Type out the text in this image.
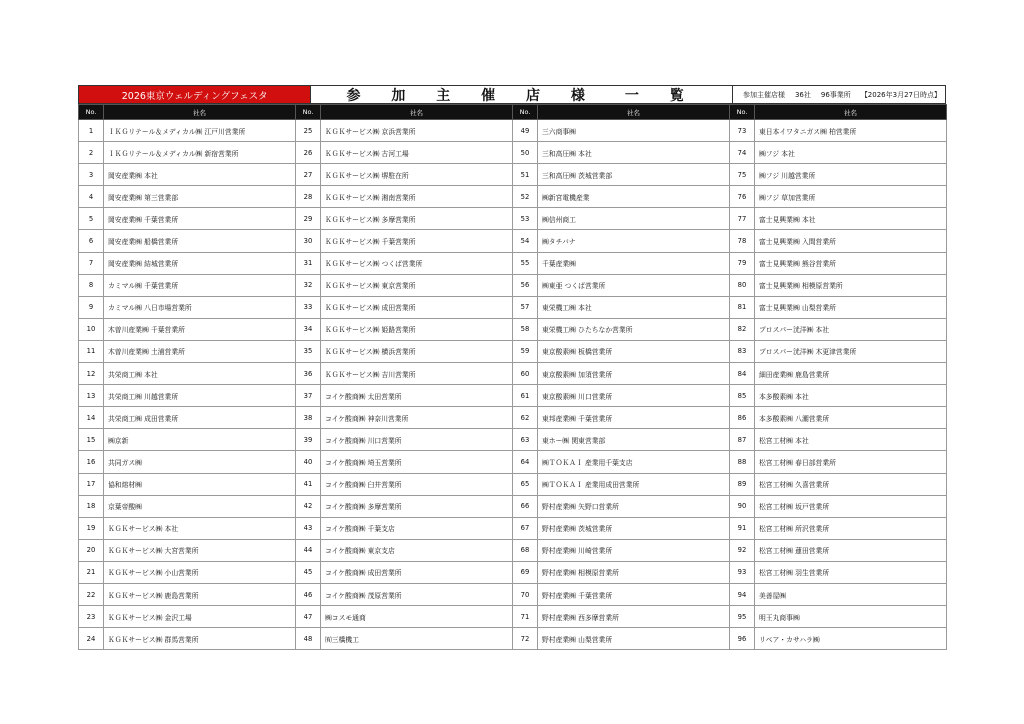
2026東京ウェルディングフェスタ	参 加 主 催 店 様　一 覧	参加主催店様 36社 96事業所 【2026年3月27日時点】
No.	社名	No.	社名	No.	社名	No.	社名
1	ＩＫＧリテール＆メディカル㈱ 江戸川営業所	25	ＫＧＫサービス㈱ 京浜営業所	49	三六商事㈱	73	東日本イワタニガス㈱ 柏営業所
2	ＩＫＧリテール＆メディカル㈱ 新宿営業所	26	ＫＧＫサービス㈱ 古河工場	50	三和高圧㈱ 本社	74	㈱フジ 本社
3	岡安産業㈱ 本社	27	ＫＧＫサービス㈱ 堺駐在所	51	三和高圧㈱ 茨城営業部	75	㈱フジ 川越営業所
4	岡安産業㈱ 第三営業部	28	ＫＧＫサービス㈱ 湘南営業所	52	㈱新宮電機産業	76	㈱フジ 草加営業所
5	岡安産業㈱ 千葉営業所	29	ＫＧＫサービス㈱ 多摩営業所	53	㈱信州商工	77	富士見興業㈱ 本社
6	岡安産業㈱ 船橋営業所	30	ＫＧＫサービス㈱ 千葉営業所	54	㈱タチバナ	78	富士見興業㈱ 入間営業所
7	岡安産業㈱ 結城営業所	31	ＫＧＫサービス㈱ つくば営業所	55	千葉産業㈱	79	富士見興業㈱ 熊谷営業所
8	カミマル㈱ 千葉営業所	32	ＫＧＫサービス㈱ 東京営業所	56	㈱東亜 つくば営業所	80	富士見興業㈱ 相模原営業所
9	カミマル㈱ 八日市場営業所	33	ＫＧＫサービス㈱ 成田営業所	57	東栄機工㈱ 本社	81	富士見興業㈱ 山梨営業所
10	木曽川産業㈱ 千葉営業所	34	ＫＧＫサービス㈱ 姫路営業所	58	東栄機工㈱ ひたちなか営業所	82	プロスパー洸洋㈱ 本社
11	木曽川産業㈱ 土浦営業所	35	ＫＧＫサービス㈱ 横浜営業所	59	東京酸素㈱ 板橋営業所	83	プロスパー洸洋㈱ 木更津営業所
12	共栄商工㈱ 本社	36	ＫＧＫサービス㈱ 吉川営業所	60	東京酸素㈱ 加須営業所	84	細田産業㈱ 鹿島営業所
13	共栄商工㈱ 川越営業所	37	コイケ酸商㈱ 太田営業所	61	東京酸素㈱ 川口営業所	85	本多酸素㈱ 本社
14	共栄商工㈱ 成田営業所	38	コイケ酸商㈱ 神奈川営業所	62	東邦産業㈱ 千葉営業所	86	本多酸素㈱ 八潮営業所
15	㈱京新	39	コイケ酸商㈱ 川口営業所	63	東ホー㈱ 関東営業部	87	松宮工材㈱ 本社
16	共同ガス㈱	40	コイケ酸商㈱ 埼玉営業所	64	㈱ＴＯＫＡＩ 産業用千葉支店	88	松宮工材㈱ 春日部営業所
17	協和熔材㈱	41	コイケ酸商㈱ 臼井営業所	65	㈱ＴＯＫＡＩ 産業用成田営業所	89	松宮工材㈱ 久喜営業所
18	京葉帝酸㈱	42	コイケ酸商㈱ 多摩営業所	66	野村産業㈱ 矢野口営業所	90	松宮工材㈱ 坂戸営業所
19	ＫＧＫサービス㈱ 本社	43	コイケ酸商㈱ 千葉支店	67	野村産業㈱ 茨城営業所	91	松宮工材㈱ 所沢営業所
20	ＫＧＫサービス㈱ 大宮営業所	44	コイケ酸商㈱ 東京支店	68	野村産業㈱ 川崎営業所	92	松宮工材㈱ 蓮田営業所
21	ＫＧＫサービス㈱ 小山営業所	45	コイケ酸商㈱ 成田営業所	69	野村産業㈱ 相模原営業所	93	松宮工材㈱ 羽生営業所
22	ＫＧＫサービス㈱ 鹿島営業所	46	コイケ酸商㈱ 茂原営業所	70	野村産業㈱ 千葉営業所	94	美善屋㈱
23	ＫＧＫサービス㈱ 金沢工場	47	㈱コスモ通商	71	野村産業㈱ 西多摩営業所	95	明王丸商事㈱
24	ＫＧＫサービス㈱ 群馬営業所	48	㈲三橋機工	72	野村産業㈱ 山梨営業所	96	リベア・カサハラ㈱
